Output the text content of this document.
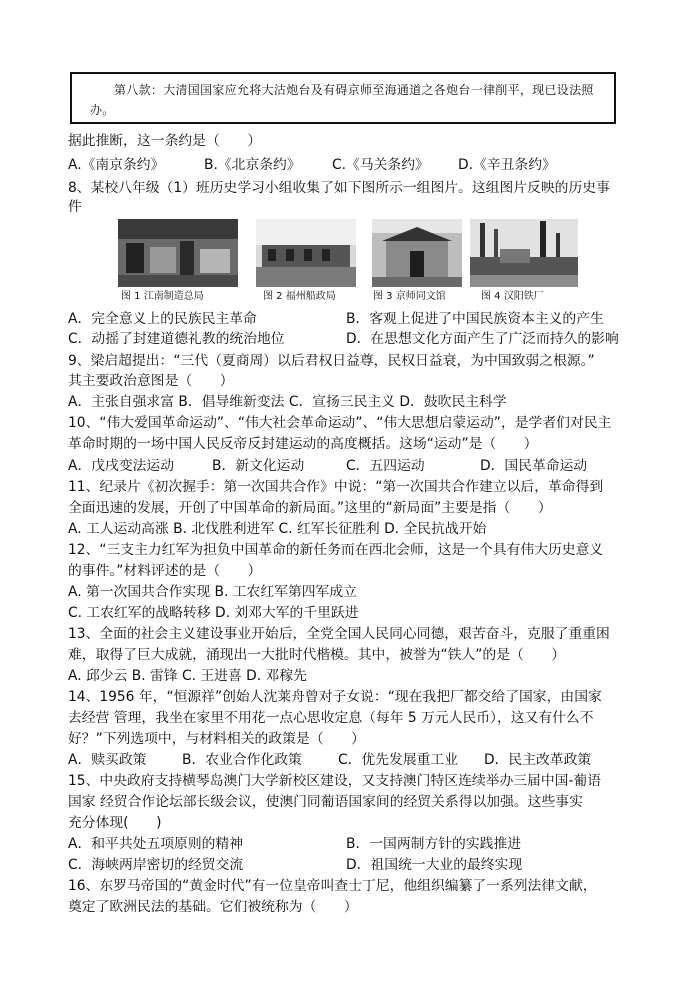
第八款：大清国国家应允将大沽炮台及有碍京师至海通道之各炮台一律削平，现已设法照办。
据此推断，这一条约是（　　）
A.《南京条约》	B.《北京条约》 C.《马关条约》 D.《辛丑条约》
8、某校八年级（1）班历史学习小组收集了如下图所示一组图片。这组图片反映的历史事
件
图 1 江南制造总局	图 2 福州船政局	图 3 京师同文馆	图 4 汉阳铁厂
A．完全意义上的民族民主革命	B．客观上促进了中国民族资本主义的产生
C．动摇了封建道德礼教的统治地位	D．在思想文化方面产生了广泛而持久的影响
9、梁启超提出：“三代（夏商周）以后君权日益尊，民权日益衰，为中国致弱之根源。”
其主要政治意图是（　　）
A．主张自强求富 B．倡导维新变法 C．宣扬三民主义 D．鼓吹民主科学
10、“伟大爱国革命运动”、“伟大社会革命运动”、“伟大思想启蒙运动”，是学者们对民主
革命时期的一场中国人民反帝反封建运动的高度概括。这场“运动”是（　　）
A．戊戌变法运动	B．新文化运动	C．五四运动	D．国民革命运动
11、纪录片《初次握手：第一次国共合作》中说：“第一次国共合作建立以后，革命得到
全面迅速的发展，开创了中国革命的新局面。”这里的“新局面”主要是指（　　）
A. 工人运动高涨 B. 北伐胜利进军 C. 红军长征胜利 D. 全民抗战开始
12、“三支主力红军为担负中国革命的新任务而在西北会师，这是一个具有伟大历史意义
的事件。”材料评述的是（　　）
A. 第一次国共合作实现 B. 工农红军第四军成立
C. 工农红军的战略转移 D. 刘邓大军的千里跃进
13、全面的社会主义建设事业开始后，全党全国人民同心同德，艰苦奋斗，克服了重重困
难，取得了巨大成就，涌现出一大批时代楷模。其中，被誉为“铁人”的是（　　）
A. 邱少云 B. 雷锋 C. 王进喜 D. 邓稼先
14、1956 年，“恒源祥”创始人沈莱舟曾对子女说：“现在我把厂都交给了国家，由国家
去经营 管理，我坐在家里不用花一点心思收定息（每年 5 万元人民币），这又有什么不
好？”下列选项中，与材料相关的政策是（　　）
A．赎买政策	B．农业合作化政策	C．优先发展重工业 D．民主改革政策
15、中央政府支持横琴岛澳门大学新校区建设，又支持澳门特区连续举办三届中国-葡语
国家 经贸合作论坛部长级会议，使澳门同葡语国家间的经贸关系得以加强。这些事实
充分体现(　　)
A．和平共处五项原则的精神	B．一国两制方针的实践推进
C．海峡两岸密切的经贸交流	D．祖国统一大业的最终实现
16、东罗马帝国的“黄金时代”有一位皇帝叫查士丁尼，他组织编纂了一系列法律文献，
奠定了欧洲民法的基础。它们被统称为（　　）
